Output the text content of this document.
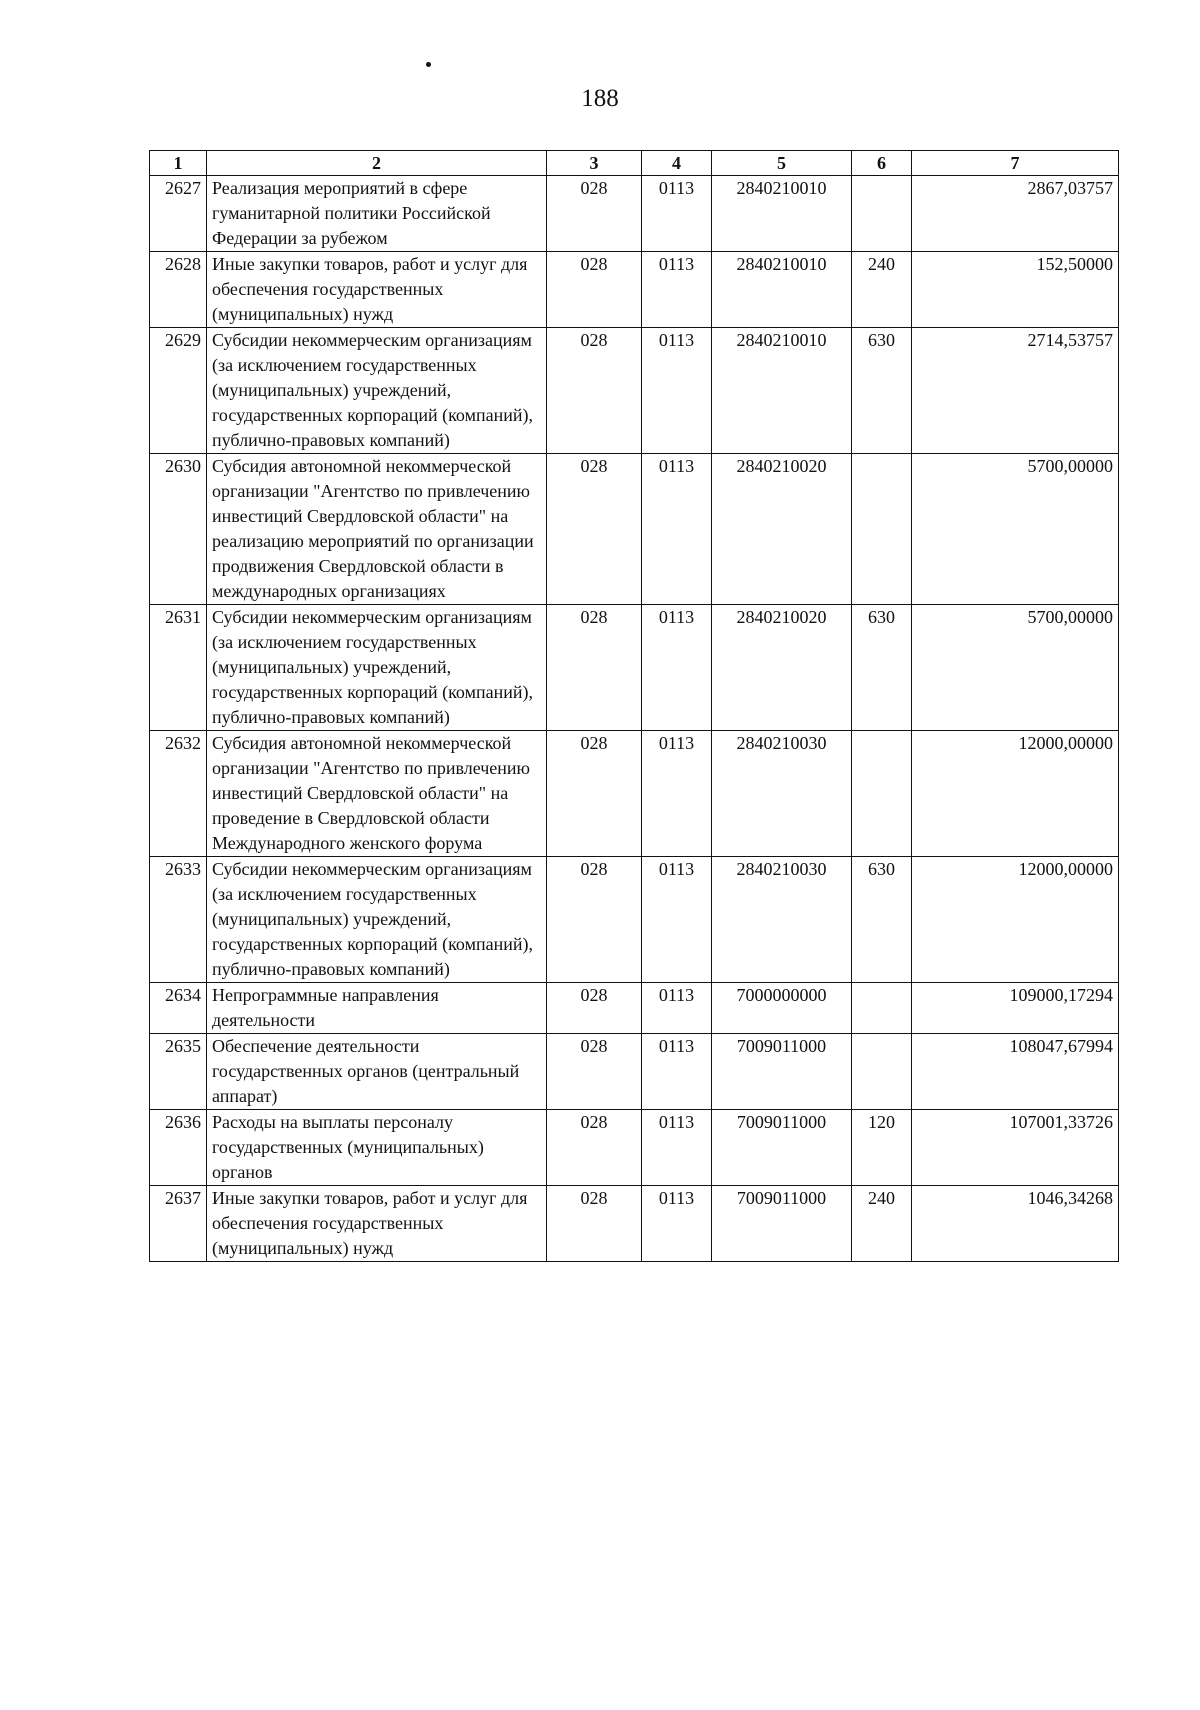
188
1	2	3	4	5	6	7
2627	Реализация мероприятий в сфере гуманитарной политики Российской Федерации за рубежом	028	0113	2840210010		2867,03757
2628	Иные закупки товаров, работ и услуг для обеспечения государственных (муниципальных) нужд	028	0113	2840210010	240	152,50000
2629	Субсидии некоммерческим организациям (за исключением государственных (муниципальных) учреждений, государственных корпораций (компаний), публично-правовых компаний)	028	0113	2840210010	630	2714,53757
2630	Субсидия автономной некоммерческой организации "Агентство по привлечению инвестиций Свердловской области" на реализацию мероприятий по организации продвижения Свердловской области в международных организациях	028	0113	2840210020		5700,00000
2631	Субсидии некоммерческим организациям (за исключением государственных (муниципальных) учреждений, государственных корпораций (компаний), публично-правовых компаний)	028	0113	2840210020	630	5700,00000
2632	Субсидия автономной некоммерческой организации "Агентство по привлечению инвестиций Свердловской области" на проведение в Свердловской области Международного женского форума	028	0113	2840210030		12000,00000
2633	Субсидии некоммерческим организациям (за исключением государственных (муниципальных) учреждений, государственных корпораций (компаний), публично-правовых компаний)	028	0113	2840210030	630	12000,00000
2634	Непрограммные направления деятельности	028	0113	7000000000		109000,17294
2635	Обеспечение деятельности государственных органов (центральный аппарат)	028	0113	7009011000		108047,67994
2636	Расходы на выплаты персоналу государственных (муниципальных) органов	028	0113	7009011000	120	107001,33726
2637	Иные закупки товаров, работ и услуг для обеспечения государственных (муниципальных) нужд	028	0113	7009011000	240	1046,34268
